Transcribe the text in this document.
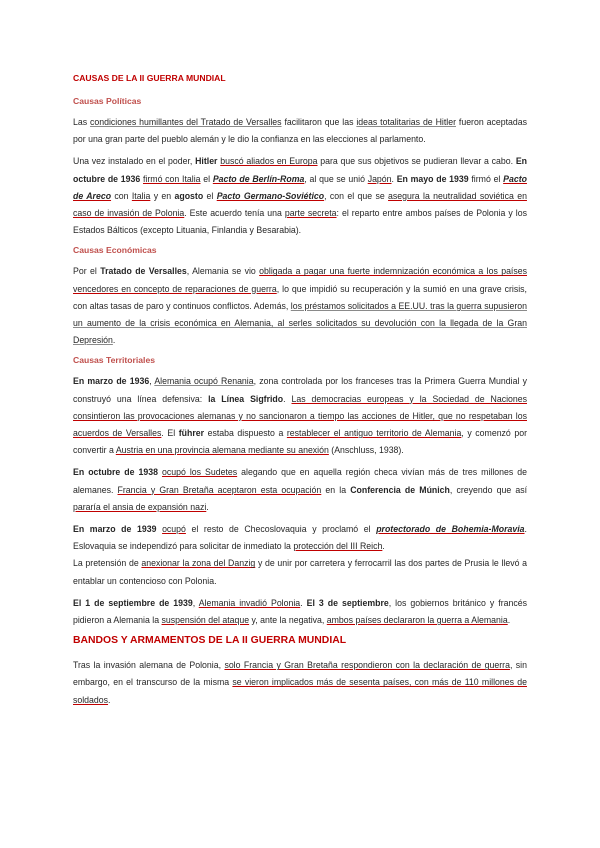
CAUSAS DE LA II GUERRA MUNDIAL
Causas Políticas

Las condiciones humillantes del Tratado de Versalles facilitaron que las ideas totalitarias de Hitler fueron aceptadas por una gran parte del pueblo alemán y le dio la confianza en las elecciones al parlamento.

Una vez instalado en el poder, Hitler buscó aliados en Europa para que sus objetivos se pudieran llevar a cabo. En octubre de 1936 firmó con Italia el Pacto de Berlín-Roma, al que se unió Japón. En mayo de 1939 firmó el Pacto de Areco con Italia y en agosto el Pacto Germano-Soviético, con el que se asegura la neutralidad soviética en caso de invasión de Polonia. Este acuerdo tenía una parte secreta: el reparto entre ambos países de Polonia y los Estados Bálticos (excepto Lituania, Finlandia y Besarabia).

Causas Económicas

Por el Tratado de Versalles, Alemania se vio obligada a pagar una fuerte indemnización económica a los países vencedores en concepto de reparaciones de guerra, lo que impidió su recuperación y la sumió en una grave crisis, con altas tasas de paro y continuos conflictos. Además, los préstamos solicitados a EE.UU. tras la guerra supusieron un aumento de la crisis económica en Alemania, al serles solicitados su devolución con la llegada de la Gran Depresión.

Causas Territoriales

En marzo de 1936, Alemania ocupó Renania, zona controlada por los franceses tras la Primera Guerra Mundial y construyó una línea defensiva: la Línea Sigfrido. Las democracias europeas y la Sociedad de Naciones consintieron las provocaciones alemanas y no sancionaron a tiempo las acciones de Hitler, que no respetaban los acuerdos de Versalles. El führer estaba dispuesto a restablecer el antiguo territorio de Alemania, y comenzó por convertir a Austria en una provincia alemana mediante su anexión (Anschluss, 1938).

En octubre de 1938 ocupó los Sudetes alegando que en aquella región checa vivían más de tres millones de alemanes. Francia y Gran Bretaña aceptaron esta ocupación en la Conferencia de Múnich, creyendo que así pararía el ansia de expansión nazi.

En marzo de 1939 ocupó el resto de Checoslovaquia y proclamó el protectorado de Bohemia-Moravia. Eslovaquia se independizó para solicitar de inmediato la protección del III Reich.

La pretensión de anexionar la zona del Danzig y de unir por carretera y ferrocarril las dos partes de Prusia le llevó a entablar un contencioso con Polonia.

El 1 de septiembre de 1939, Alemania invadió Polonia. El 3 de septiembre, los gobiernos británico y francés pidieron a Alemania la suspensión del ataque y, ante la negativa, ambos países declararon la guerra a Alemania.

BANDOS Y ARMAMENTOS DE LA II GUERRA MUNDIAL

Tras la invasión alemana de Polonia, solo Francia y Gran Bretaña respondieron con la declaración de guerra, sin embargo, en el transcurso de la misma se vieron implicados más de sesenta países, con más de 110 millones de soldados.
